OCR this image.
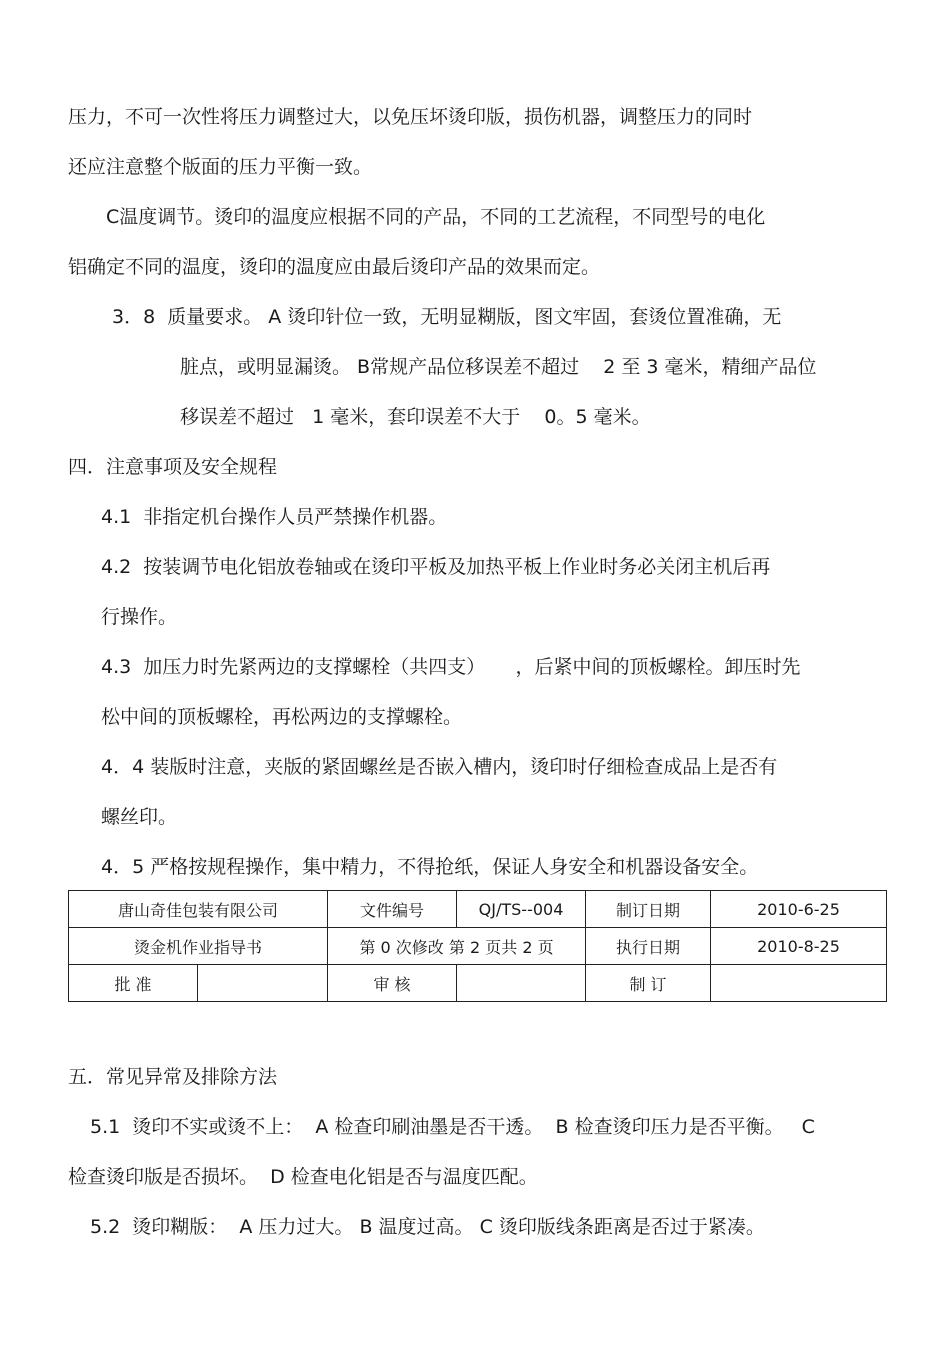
压力，不可一次性将压力调整过大，以免压坏烫印版，损伤机器，调整压力的同时
还应注意整个版面的压力平衡一致。
C温度调节。烫印的温度应根据不同的产品，不同的工艺流程，不同型号的电化
铝确定不同的温度，烫印的温度应由最后烫印产品的效果而定。
3．8  质量要求。 A 烫印针位一致，无明显糊版，图文牢固，套烫位置准确，无
脏点，或明显漏烫。 B常规产品位移误差不超过    2 至 3 毫米，精细产品位
移误差不超过   1 毫米，套印误差不大于    0。5 毫米。
四．注意事项及安全规程
4.1  非指定机台操作人员严禁操作机器。
4.2  按装调节电化铝放卷轴或在烫印平板及加热平板上作业时务必关闭主机后再
行操作。
4.3  加压力时先紧两边的支撑螺栓（共四支）     ，后紧中间的顶板螺栓。卸压时先
松中间的顶板螺栓，再松两边的支撑螺栓。
4．4 装版时注意，夹版的紧固螺丝是否嵌入槽内，烫印时仔细检查成品上是否有
螺丝印。
4．5 严格按规程操作，集中精力，不得抢纸，保证人身安全和机器设备安全。
唐山奇佳包装有限公司		文件编号	QJ/TS--004	制订日期	2010-6-25
烫金机作业指导书		第 0 次修改 第 2 页共 2 页		执行日期	2010-8-25
批 准		审 核		制 订	
五．常见异常及排除方法
5.1  烫印不实或烫不上：  A 检查印刷油墨是否干透。  B 检查烫印压力是否平衡。   C
检查烫印版是否损坏。  D 检查电化铝是否与温度匹配。
5.2  烫印糊版：  A 压力过大。 B 温度过高。 C 烫印版线条距离是否过于紧凑。
